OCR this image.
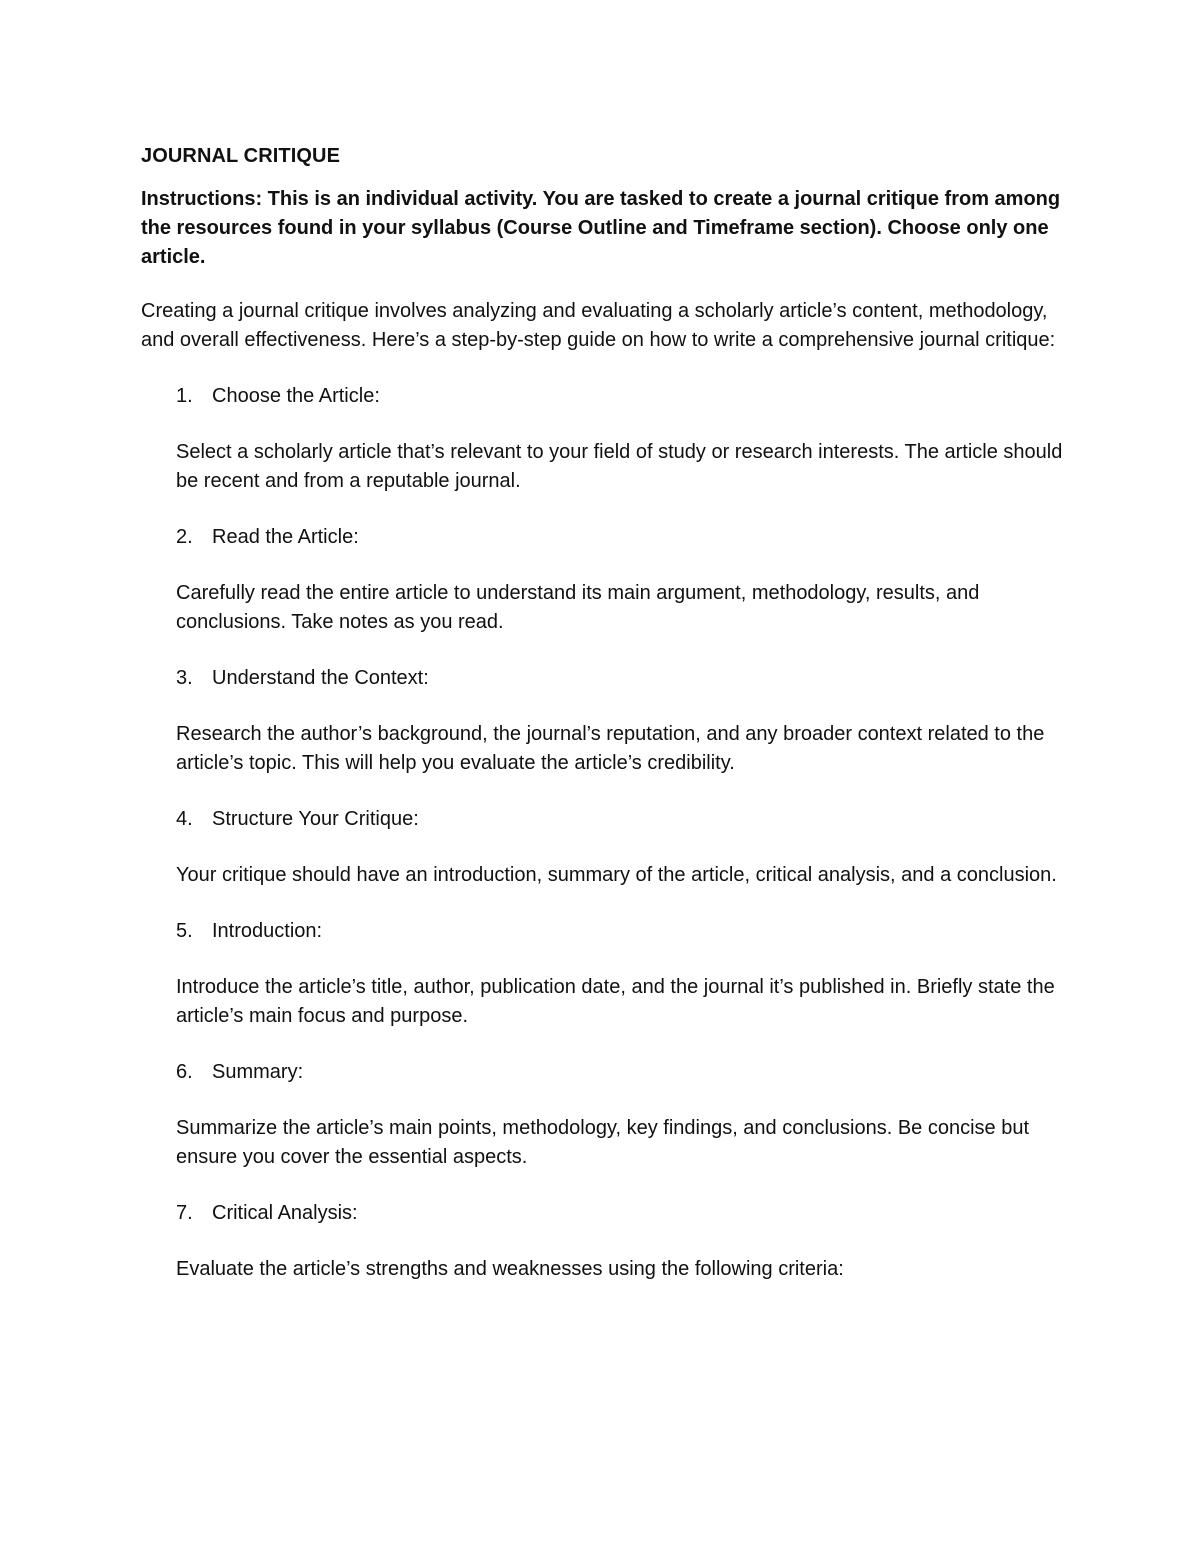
JOURNAL CRITIQUE
Instructions: This is an individual activity. You are tasked to create a journal critique from among the resources found in your syllabus (Course Outline and Timeframe section). Choose only one article.
Creating a journal critique involves analyzing and evaluating a scholarly article’s content, methodology, and overall effectiveness. Here’s a step-by-step guide on how to write a comprehensive journal critique:
1. Choose the Article:
Select a scholarly article that’s relevant to your field of study or research interests. The article should be recent and from a reputable journal.
2. Read the Article:
Carefully read the entire article to understand its main argument, methodology, results, and conclusions. Take notes as you read.
3. Understand the Context:
Research the author’s background, the journal’s reputation, and any broader context related to the article’s topic. This will help you evaluate the article’s credibility.
4. Structure Your Critique:
Your critique should have an introduction, summary of the article, critical analysis, and a conclusion.
5. Introduction:
Introduce the article’s title, author, publication date, and the journal it’s published in. Briefly state the article’s main focus and purpose.
6. Summary:
Summarize the article’s main points, methodology, key findings, and conclusions. Be concise but ensure you cover the essential aspects.
7. Critical Analysis:
Evaluate the article’s strengths and weaknesses using the following criteria:
